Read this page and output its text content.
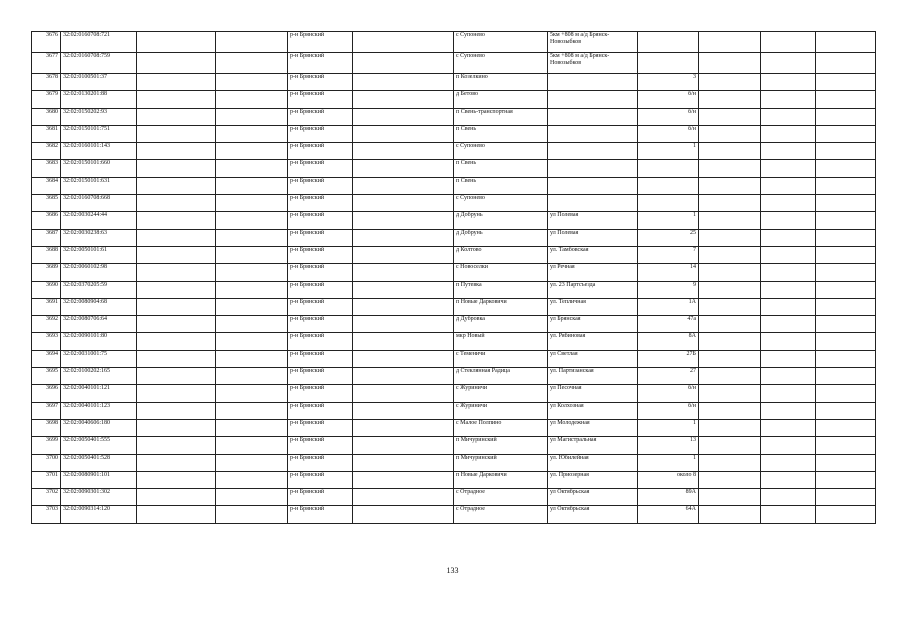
3676	32:02:0160708:721			р-н Брянский		с Супонево	5км +808 м а/д Брянск-Новозыбков				
3677	32:02:0160708:759			р-н Брянский		с Супонево	5км +808 м а/д Брянск-Новозыбков				
3678	32:02:0100501:37			р-н Брянский		п Козелкино		3			
3679	32:02:0130201:88			р-н Брянский		д Бетово		б/н			
3680	32:02:0150202:93			р-н Брянский		п Свень-транспортная		б/н			
3681	32:02:0150101:751			р-н Брянский		п Свень		б/н			
3682	32:02:0160101:143			р-н Брянский		с Супонево		1			
3683	32:02:0150101:660			р-н Брянский		п Свень					
3684	32:02:0150101:631			р-н Брянский		п Свень					
3685	32:02:0160708:668			р-н Брянский		с Супонево					
3686	32:02:0030244:44			р-н Брянский		д Добрунь	ул Полевая	1			
3687	32:02:0030238:63			р-н Брянский		д Добрунь	ул Полевая	25			
3688	32:02:0050101:61			р-н Брянский		д Колтово	ул. Тамбовская	7			
3689	32:02:0060102:98			р-н Брянский		с Новоселки	ул Речная	14			
3690	32:02:0370205:59			р-н Брянский		п Путевка	ул. 23 Партсъезда	9			
3691	32:02:0080904:68			р-н Брянский		п Новые Дарковичи	ул. Тепличная	1А			
3692	32:02:0080706:64			р-н Брянский		д Дубровка	ул Брянская	47а			
3693	32:02:0090101:80			р-н Брянский		мкр Новый	ул. Рябиновая	8А			
3694	32:02:0031001:75			р-н Брянский		с Теменичи	ул Светлая	27Б			
3695	32:02:0100202:165			р-н Брянский		д Стеклянная Радица	ул. Партизанская	27			
3696	32:02:0040101:121			р-н Брянский		с Журиничи	ул Песочная	б/н			
3697	32:02:0040101:123			р-н Брянский		с Журиничи	ул Колхозная	б/н			
3698	32:02:0040606:180			р-н Брянский		с Малое Полпино	ул Молодежная	1			
3699	32:02:0050401:555			р-н Брянский		п Мичуринский	ул Магистральная	13			
3700	32:02:0050401:528			р-н Брянский		п Мичуринский	ул. Юбилейная	1			
3701	32:02:0080901:101			р-н Брянский		п Новые Дарковичи	ул. Приозерная	около 8			
3702	32:02:0090301:302			р-н Брянский		с Отрадное	ул Октябрьская	89А			
3703	32:02:0090314:120			р-н Брянский		с Отрадное	ул Октябрьская	64А			
133
